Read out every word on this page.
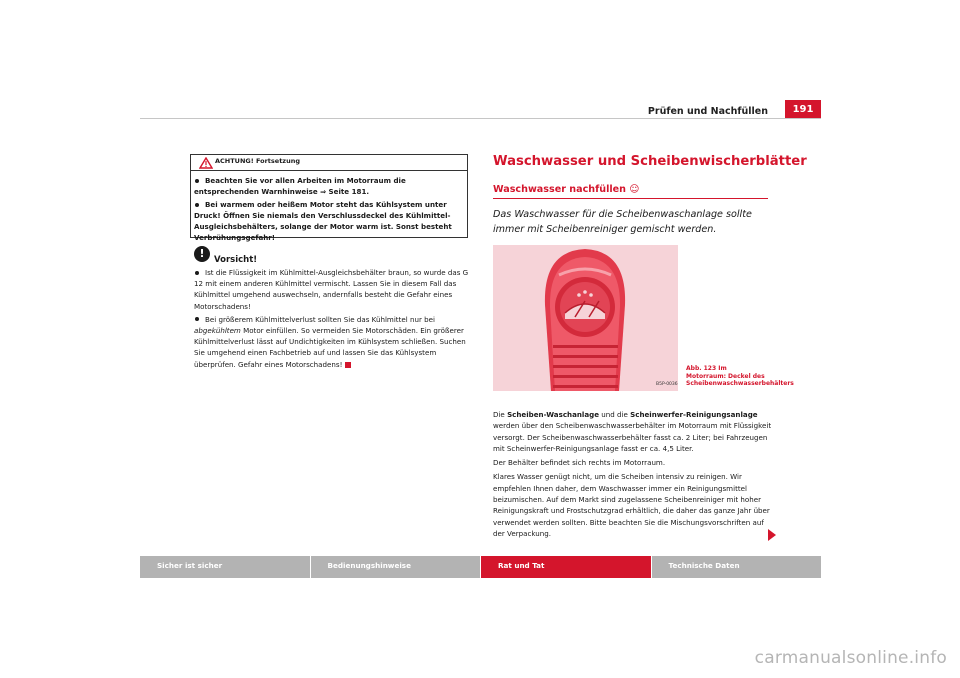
Prüfen und Nachfüllen	191
ACHTUNG! Fortsetzung

Beachten Sie vor allen Arbeiten im Motorraum die entsprechenden Warnhinweise ⇒ Seite 181.

Bei warmem oder heißem Motor steht das Kühlsystem unter Druck! Öffnen Sie niemals den Verschlussdeckel des Kühlmittel-Ausgleichsbehälters, solange der Motor warm ist. Sonst besteht Verbrühungsgefahr!

!	Vorsicht!

Ist die Flüssigkeit im Kühlmittel-Ausgleichsbehälter braun, so wurde das G 12 mit einem anderen Kühlmittel vermischt. Lassen Sie in diesem Fall das Kühlmittel umgehend auswechseln, andernfalls besteht die Gefahr eines Motorschadens!

Bei größerem Kühlmittelverlust sollten Sie das Kühlmittel nur bei abgekühltem Motor einfüllen. So vermeiden Sie Motorschäden. Ein größerer Kühlmittelverlust lässt auf Undichtigkeiten im Kühlsystem schließen. Suchen Sie umgehend einen Fachbetrieb auf und lassen Sie das Kühlsystem überprüfen. Gefahr eines Motorschadens!

Waschwasser und Scheibenwischerblätter
Waschwasser nachfüllen ☺
Das Waschwasser für die Scheibenwaschanlage sollte immer mit Scheibenreiniger gemischt werden.
B5P-0036
Abb. 123 Im Motorraum: Deckel des Scheibenwaschwasserbehälters

Die Scheiben-Waschanlage und die Scheinwerfer-Reinigungsanlage werden über den Scheibenwaschwasserbehälter im Motorraum mit Flüssigkeit versorgt. Der Scheibenwaschwasserbehälter fasst ca. 2 Liter; bei Fahrzeugen mit Scheinwerfer-Reinigungsanlage fasst er ca. 4,5 Liter.

Der Behälter befindet sich rechts im Motorraum.

Klares Wasser genügt nicht, um die Scheiben intensiv zu reinigen. Wir empfehlen Ihnen daher, dem Waschwasser immer ein Reinigungsmittel beizumischen. Auf dem Markt sind zugelassene Scheibenreiniger mit hoher Reinigungskraft und Frostschutzgrad erhältlich, die daher das ganze Jahr über verwendet werden sollten. Bitte beachten Sie die Mischungsvorschriften auf der Verpackung.

Sicher ist sicher	Bedienungshinweise	Rat und Tat	Technische Daten
carmanualsonline.info
